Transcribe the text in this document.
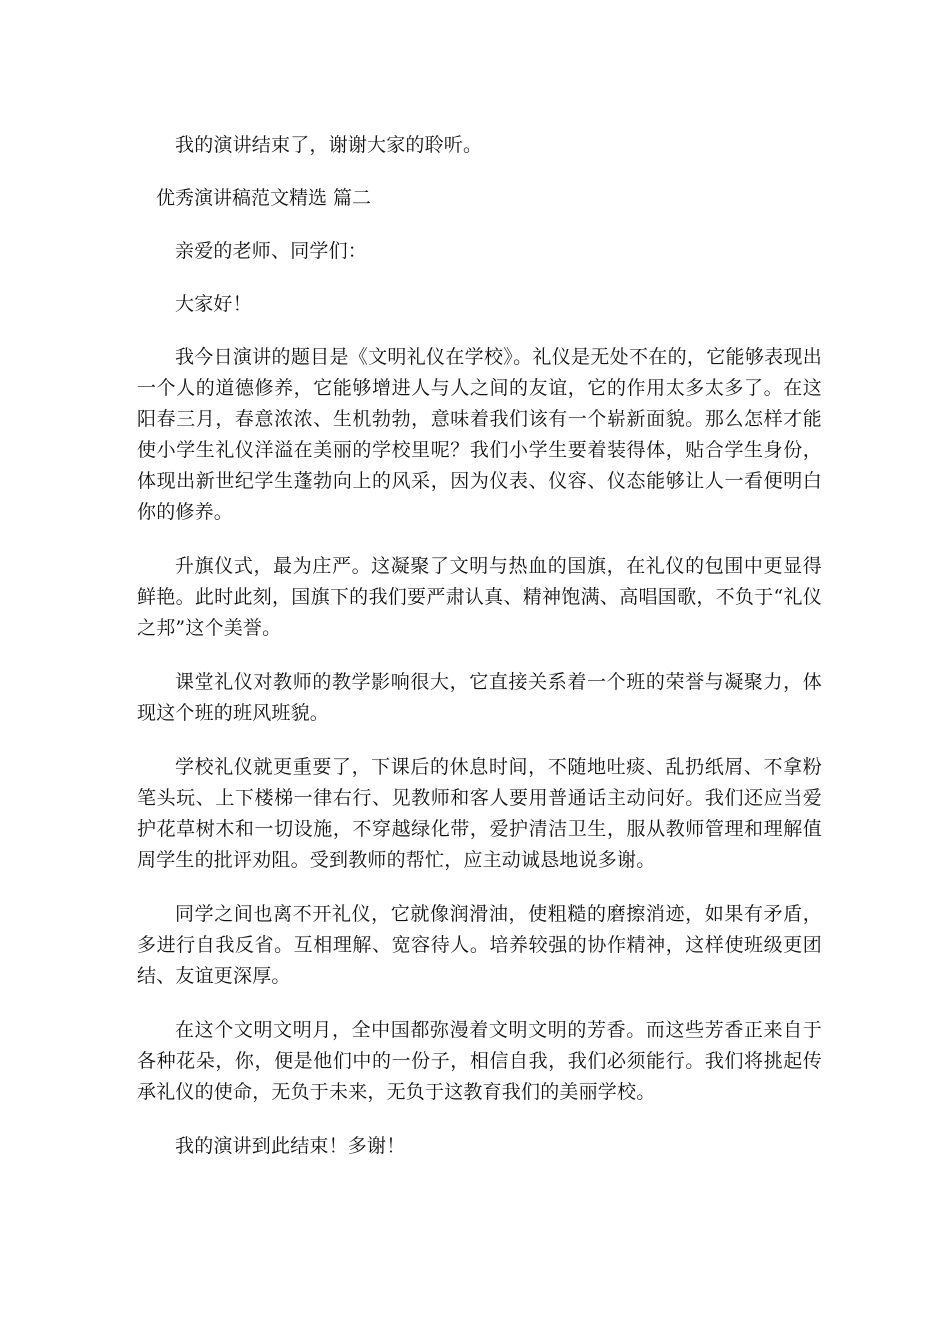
我的演讲结束了，谢谢大家的聆听。

优秀演讲稿范文精选 篇二

亲爱的老师、同学们：

大家好！

我今日演讲的题目是《文明礼仪在学校》。礼仪是无处不在的，它能够表现出一个人的道德修养，它能够增进人与人之间的友谊，它的作用太多太多了。在这阳春三月，春意浓浓、生机勃勃，意味着我们该有一个崭新面貌。那么怎样才能使小学生礼仪洋溢在美丽的学校里呢？我们小学生要着装得体，贴合学生身份，体现出新世纪学生蓬勃向上的风采，因为仪表、仪容、仪态能够让人一看便明白你的修养。

升旗仪式，最为庄严。这凝聚了文明与热血的国旗，在礼仪的包围中更显得鲜艳。此时此刻，国旗下的我们要严肃认真、精神饱满、高唱国歌，不负于“礼仪之邦”这个美誉。

课堂礼仪对教师的教学影响很大，它直接关系着一个班的荣誉与凝聚力，体现这个班的班风班貌。

学校礼仪就更重要了，下课后的休息时间，不随地吐痰、乱扔纸屑、不拿粉笔头玩、上下楼梯一律右行、见教师和客人要用普通话主动问好。我们还应当爱护花草树木和一切设施，不穿越绿化带，爱护清洁卫生，服从教师管理和理解值周学生的批评劝阻。受到教师的帮忙，应主动诚恳地说多谢。

同学之间也离不开礼仪，它就像润滑油，使粗糙的磨擦消迹，如果有矛盾，多进行自我反省。互相理解、宽容待人。培养较强的协作精神，这样使班级更团结、友谊更深厚。

在这个文明文明月，全中国都弥漫着文明文明的芳香。而这些芳香正来自于各种花朵，你，便是他们中的一份子，相信自我，我们必须能行。我们将挑起传承礼仪的使命，无负于未来，无负于这教育我们的美丽学校。

我的演讲到此结束！多谢！
